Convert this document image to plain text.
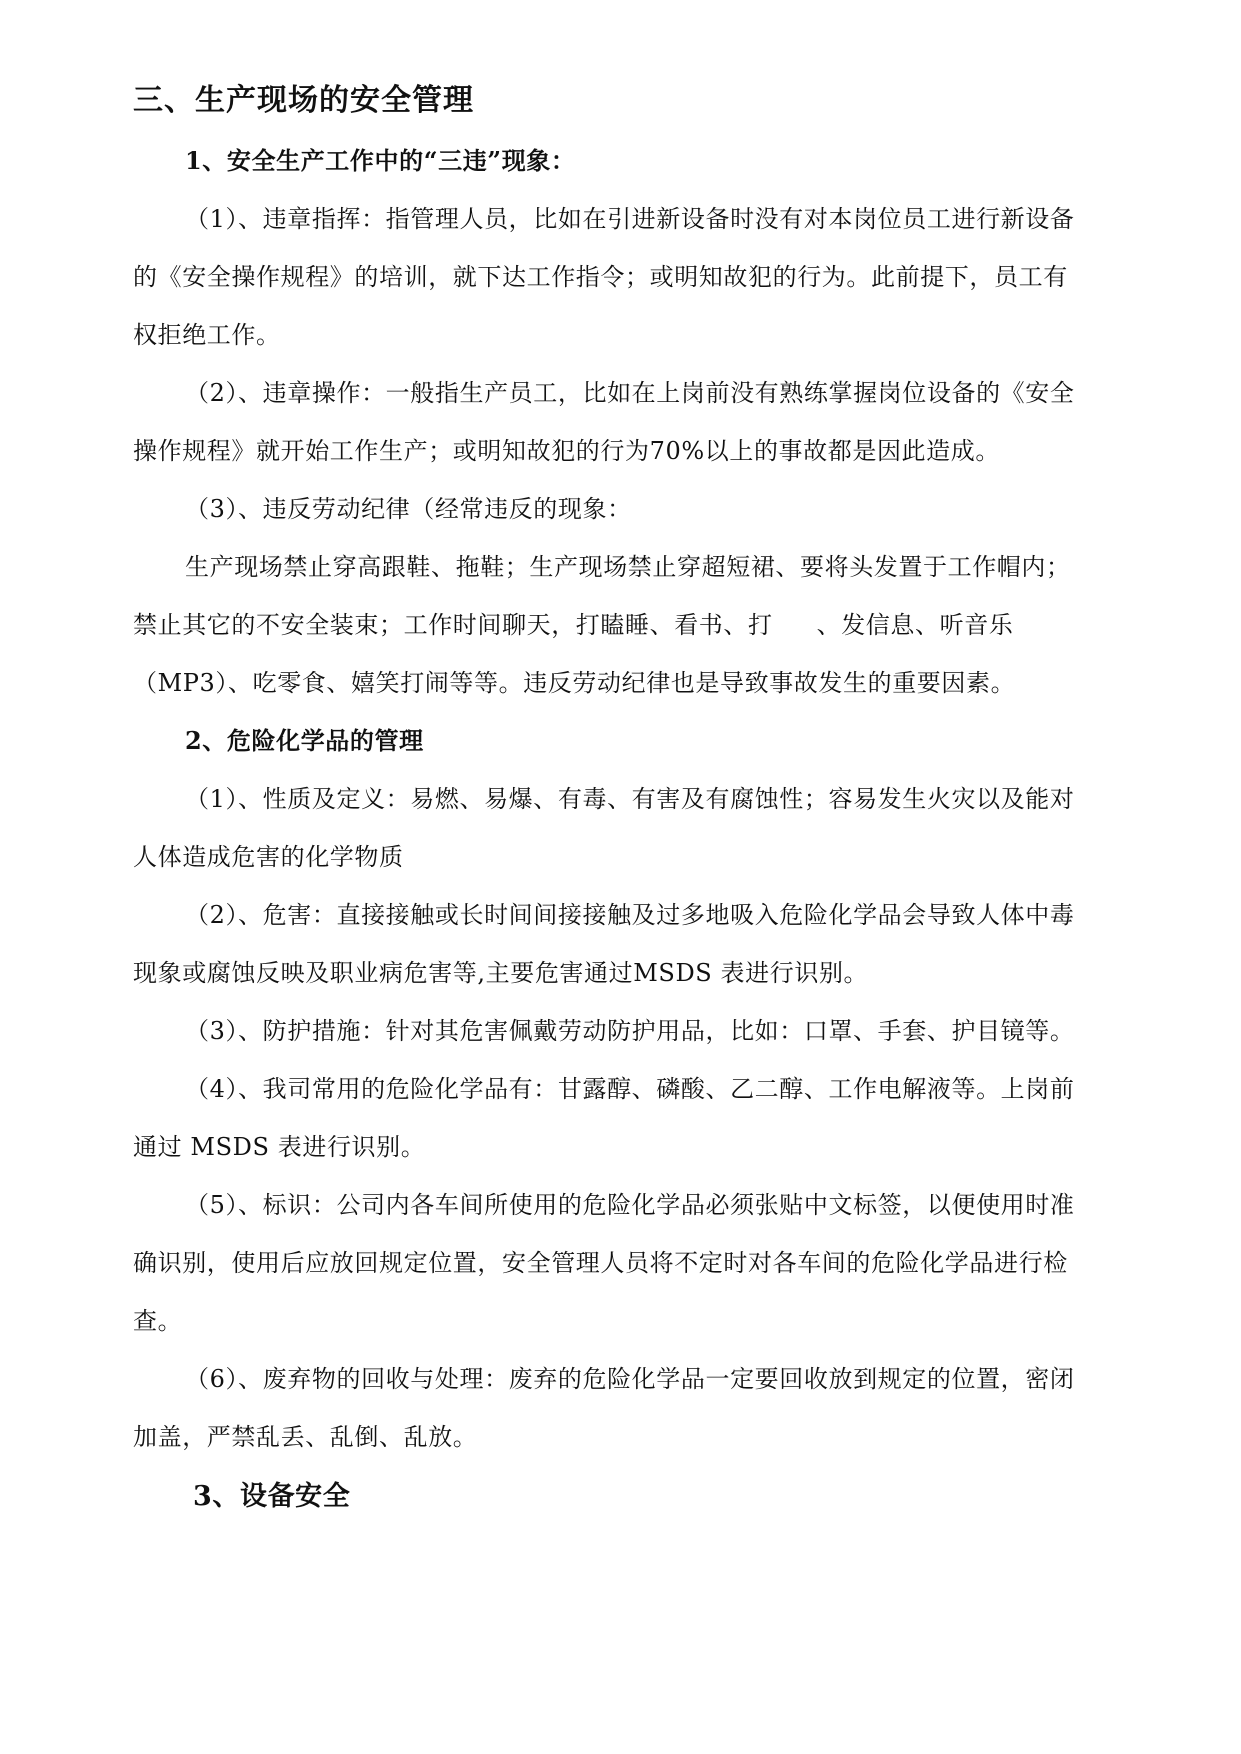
三、生产现场的安全管理
1、安全生产工作中的“三违”现象：
（1）、违章指挥：指管理人员，比如在引进新设备时没有对本岗位员工进行新设备
的《安全操作规程》的培训，就下达工作指令；或明知故犯的行为。此前提下，员工有
权拒绝工作。
（2）、违章操作：一般指生产员工，比如在上岗前没有熟练掌握岗位设备的《安全
操作规程》就开始工作生产；或明知故犯的行为70%以上的事故都是因此造成。
（3）、违反劳动纪律（经常违反的现象：
生产现场禁止穿高跟鞋、拖鞋；生产现场禁止穿超短裙、要将头发置于工作帽内；
禁止其它的不安全装束；工作时间聊天，打瞌睡、看书、打 、发信息、听音乐
（MP3）、吃零食、嬉笑打闹等等。违反劳动纪律也是导致事故发生的重要因素。
2、危险化学品的管理
（1）、性质及定义：易燃、易爆、有毒、有害及有腐蚀性；容易发生火灾以及能对
人体造成危害的化学物质
（2）、危害：直接接触或长时间间接接触及过多地吸入危险化学品会导致人体中毒
现象或腐蚀反映及职业病危害等,主要危害通过MSDS 表进行识别。
（3）、防护措施：针对其危害佩戴劳动防护用品，比如：口罩、手套、护目镜等。
（4）、我司常用的危险化学品有：甘露醇、磷酸、乙二醇、工作电解液等。上岗前
通过 MSDS 表进行识别。
（5）、标识：公司内各车间所使用的危险化学品必须张贴中文标签，以便使用时准
确识别，使用后应放回规定位置，安全管理人员将不定时对各车间的危险化学品进行检
查。
（6）、废弃物的回收与处理：废弃的危险化学品一定要回收放到规定的位置，密闭
加盖，严禁乱丢、乱倒、乱放。
3、设备安全
